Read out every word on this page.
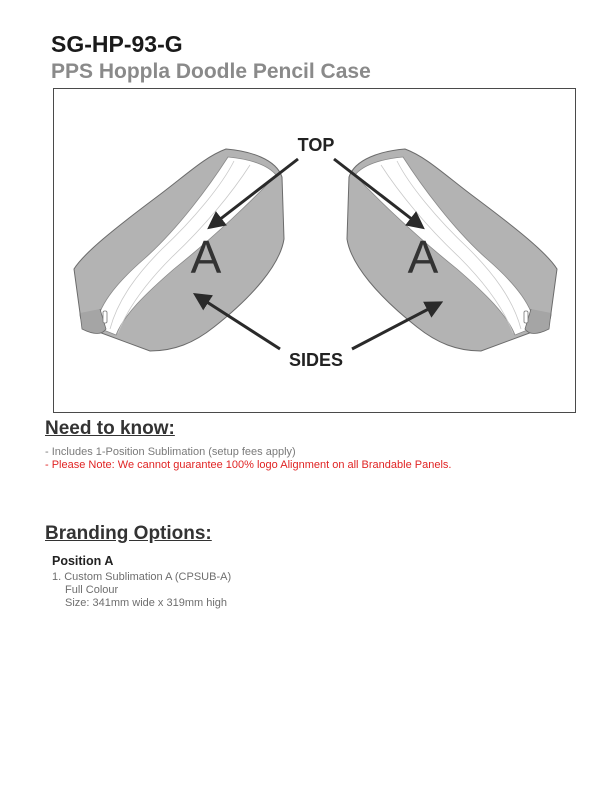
SG-HP-93-G
PPS Hoppla Doodle Pencil Case
A	A
TOP
SIDES
Need to know:

- Includes 1-Position Sublimation (setup fees apply)

- Please Note: We cannot guarantee 100% logo Alignment on all Brandable Panels.

Branding Options:

Position A

1. Custom Sublimation A (CPSUB-A)

Full Colour

Size: 341mm wide x 319mm high
